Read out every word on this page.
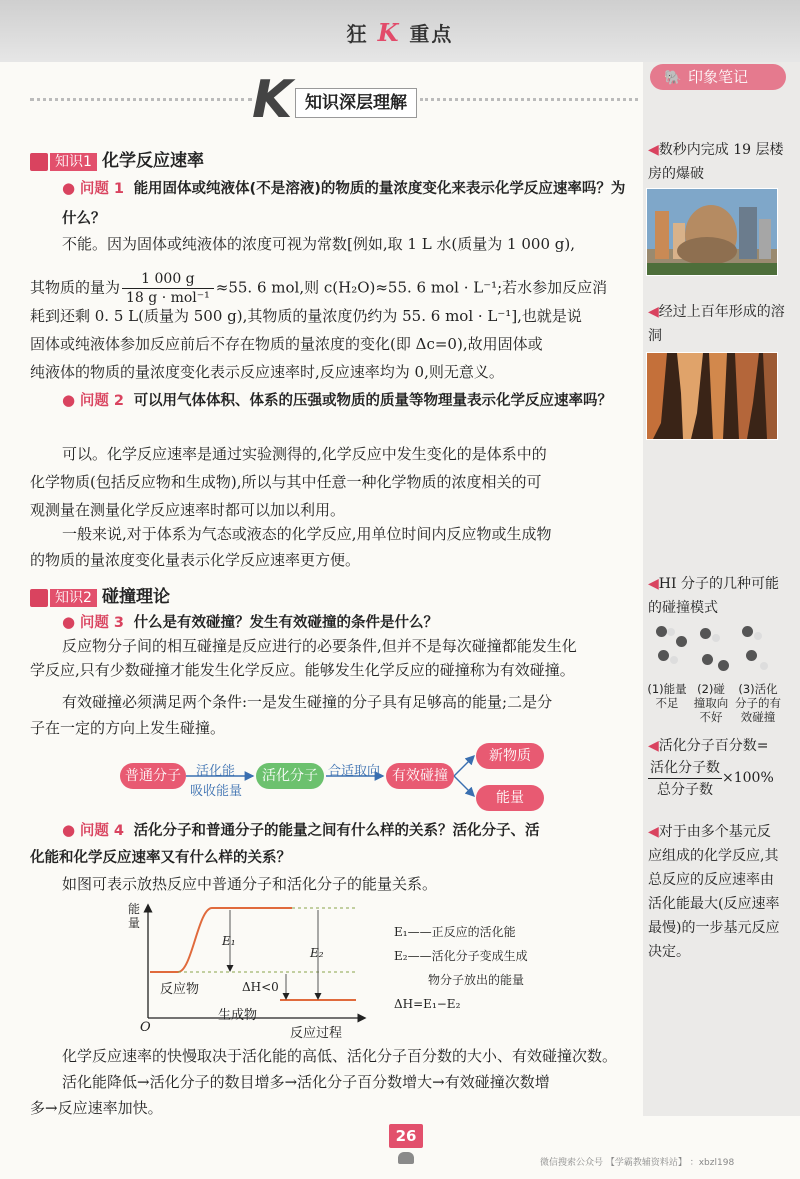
狂 K 重点
K 知识深层理解
🐘 印象笔记
◀数秒内完成 19 层楼房的爆破
◀经过上百年形成的溶洞
◀HI 分子的几种可能的碰撞模式
(1)能量不足
(2)碰撞取向不好
(3)活化分子的有效碰撞
◀活化分子百分数=
活化分子数
总分子数
×100%
◀对于由多个基元反应组成的化学反应,其总反应的反应速率由活化能最大(反应速率最慢)的一步基元反应决定。
知识1 化学反应速率
● 问题 1 能用固体或纯液体(不是溶液)的物质的量浓度变化来表示化学反应速率吗？为什么？
不能。因为固体或纯液体的浓度可视为常数[例如,取 1 L 水(质量为 1 000 g),
其物质的量为	1 000 g
18 g · mol⁻¹
≈55. 6 mol,则 c(H₂O)≈55. 6 mol · L⁻¹;若水参加反应消
耗到还剩 0. 5 L(质量为 500 g),其物质的量浓度仍约为 55. 6 mol · L⁻¹],也就是说
固体或纯液体参加反应前后不存在物质的量浓度的变化(即 Δc=0),故用固体或
纯液体的物质的量浓度变化表示反应速率时,反应速率均为 0,则无意义。
● 问题 2 可以用气体体积、体系的压强或物质的质量等物理量表示化学反应速率吗？
可以。化学反应速率是通过实验测得的,化学反应中发生变化的是体系中的
化学物质(包括反应物和生成物),所以与其中任意一种化学物质的浓度相关的可
观测量在测量化学反应速率时都可以加以利用。
一般来说,对于体系为气态或液态的化学反应,用单位时间内反应物或生成物
的物质的量浓度变化量表示化学反应速率更方便。
知识2 碰撞理论
● 问题 3 什么是有效碰撞？发生有效碰撞的条件是什么？
反应物分子间的相互碰撞是反应进行的必要条件,但并不是每次碰撞都能发生化
学反应,只有少数碰撞才能发生化学反应。能够发生化学反应的碰撞称为有效碰撞。
有效碰撞必须满足两个条件:一是发生碰撞的分子具有足够高的能量;二是分
子在一定的方向上发生碰撞。
普通分子	活化能
吸收能量
活化分子 合适取向 有效碰撞
新物质
能量
● 问题 4 活化分子和普通分子的能量之间有什么样的关系？活化分子、活
化能和化学反应速率又有什么样的关系？
如图可表示放热反应中普通分子和活化分子的能量关系。
能量
反应过程
O
反应物
生成物
E₁
E₂
ΔH<0
E₁——正反应的活化能
E₂——活化分子变成生成
物分子放出的能量
ΔH=E₁−E₂
化学反应速率的快慢取决于活化能的高低、活化分子百分数的大小、有效碰撞次数。
活化能降低→活化分子的数目增多→活化分子百分数增大→有效碰撞次数增
多→反应速率加快。
26
微信搜索公众号 【学霸教辅资料站】 ：xbzl198
